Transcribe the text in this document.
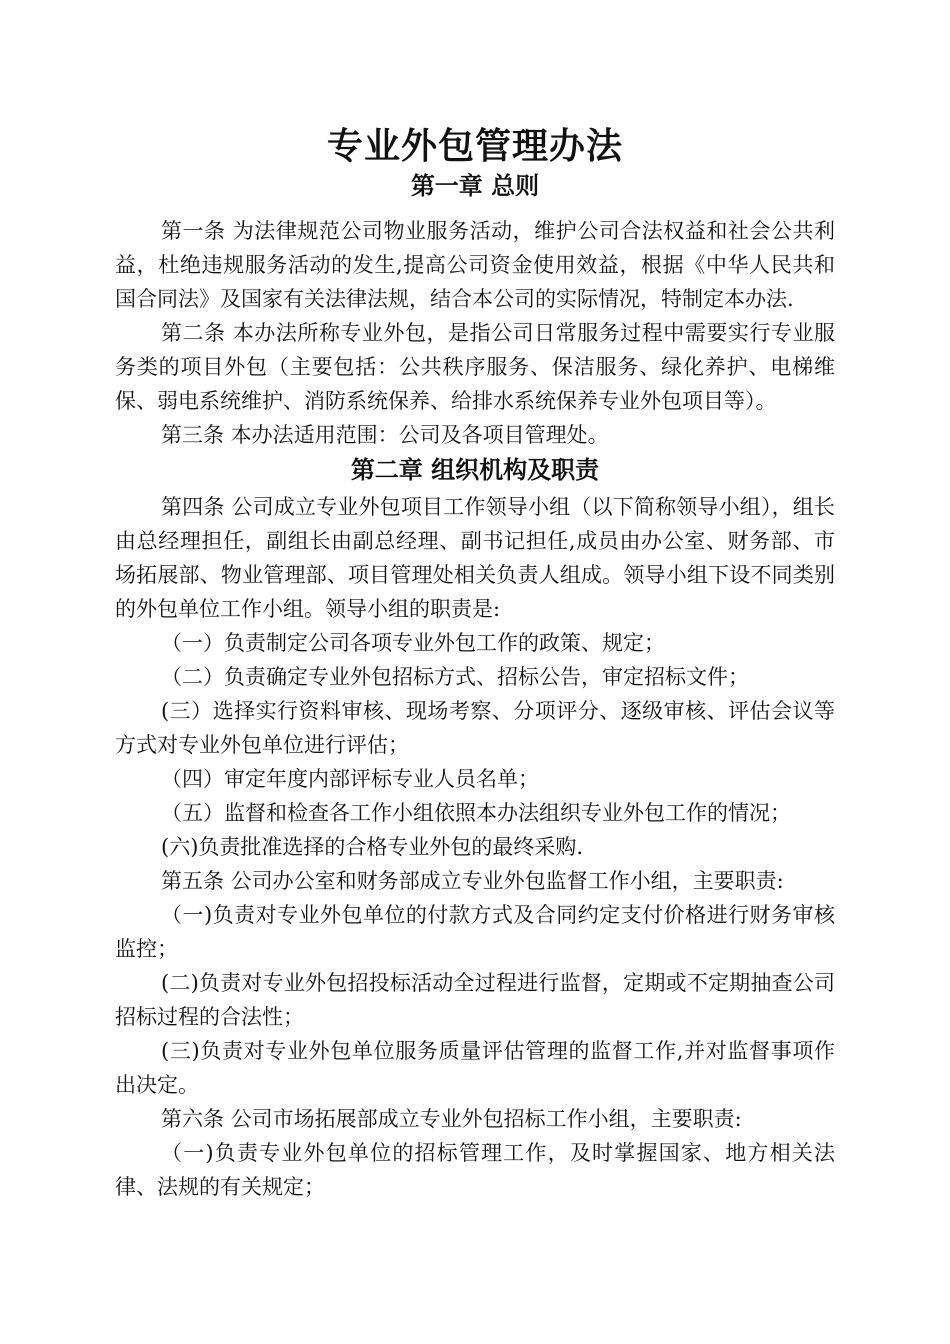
专业外包管理办法
第一章 总则

第一条 为法律规范公司物业服务活动，维护公司合法权益和社会公共利益，杜绝违规服务活动的发生,提高公司资金使用效益，根据《中华人民共和国合同法》及国家有关法律法规，结合本公司的实际情况，特制定本办法.

第二条 本办法所称专业外包，是指公司日常服务过程中需要实行专业服务类的项目外包（主要包括：公共秩序服务、保洁服务、绿化养护、电梯维保、弱电系统维护、消防系统保养、给排水系统保养专业外包项目等）。

第三条 本办法适用范围：公司及各项目管理处。

第二章 组织机构及职责

第四条 公司成立专业外包项目工作领导小组（以下简称领导小组），组长由总经理担任，副组长由副总经理、副书记担任,成员由办公室、财务部、市场拓展部、物业管理部、项目管理处相关负责人组成。领导小组下设不同类别的外包单位工作小组。领导小组的职责是:

（一）负责制定公司各项专业外包工作的政策、规定；

（二）负责确定专业外包招标方式、招标公告，审定招标文件；

(三）选择实行资料审核、现场考察、分项评分、逐级审核、评估会议等方式对专业外包单位进行评估；

（四）审定年度内部评标专业人员名单；

（五）监督和检查各工作小组依照本办法组织专业外包工作的情况；

(六)负责批准选择的合格专业外包的最终采购.

第五条 公司办公室和财务部成立专业外包监督工作小组，主要职责:

（一)负责对专业外包单位的付款方式及合同约定支付价格进行财务审核监控；

(二)负责对专业外包招投标活动全过程进行监督，定期或不定期抽查公司招标过程的合法性；

(三)负责对专业外包单位服务质量评估管理的监督工作,并对监督事项作出决定。

第六条 公司市场拓展部成立专业外包招标工作小组，主要职责:

（一)负责专业外包单位的招标管理工作，及时掌握国家、地方相关法律、法规的有关规定；
